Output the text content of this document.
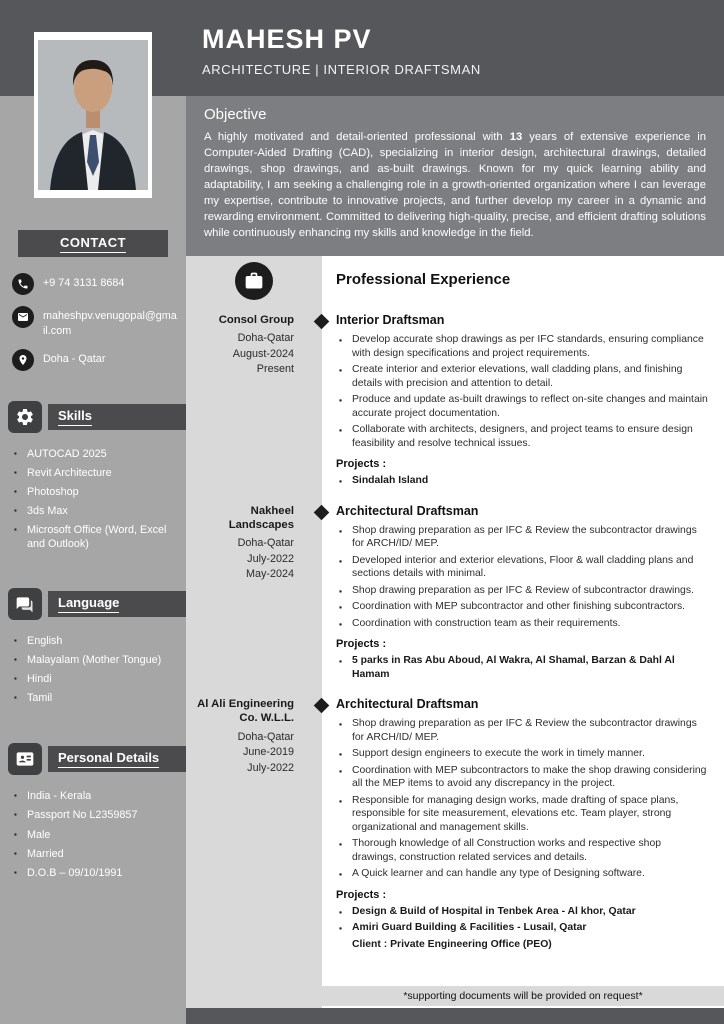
MAHESH PV
ARCHITECTURE | INTERIOR DRAFTSMAN
CONTACT
+9 74 3131 8684
maheshpv.venugopal@gmail.com
Doha - Qatar
Skills
▪ AUTOCAD 2025
▪ Revit Architecture
▪ Photoshop
▪ 3ds Max
▪ Microsoft Office (Word, Excel and Outlook)
Language
▪ English
▪ Malayalam (Mother Tongue)
▪ Hindi
▪ Tamil
Personal Details
▪ India - Kerala
▪ Passport No L2359857
▪ Male
▪ Married
▪ D.O.B – 09/10/1991
Objective
A highly motivated and detail-oriented professional with 13 years of extensive experience in Computer-Aided Drafting (CAD), specializing in interior design, architectural drawings, detailed drawings, shop drawings, and as-built drawings. Known for my quick learning ability and adaptability, I am seeking a challenging role in a growth-oriented organization where I can leverage my expertise, contribute to innovative projects, and further develop my career in a dynamic and rewarding environment. Committed to delivering high-quality, precise, and efficient drafting solutions while continuously enhancing my skills and knowledge in the field.
Professional Experience
Consol Group
Doha-Qatar
August-2024
Present
Interior Draftsman
▪ Develop accurate shop drawings as per IFC standards, ensuring compliance with design specifications and project requirements.
▪ Create interior and exterior elevations, wall cladding plans, and finishing details with precision and attention to detail.
▪ Produce and update as-built drawings to reflect on-site changes and maintain accurate project documentation.
▪ Collaborate with architects, designers, and project teams to ensure design feasibility and resolve technical issues.
Projects :
▪ Sindalah Island
Nakheel Landscapes
Doha-Qatar
July-2022
May-2024
Architectural Draftsman
▪ Shop drawing preparation as per IFC & Review the subcontractor drawings for ARCH/ID/ MEP.
▪ Developed interior and exterior elevations, Floor & wall cladding plans and sections details with minimal.
▪ Shop drawing preparation as per IFC & Review of subcontractor drawings.
▪ Coordination with MEP subcontractor and other finishing subcontractors.
▪ Coordination with construction team as their requirements.
Projects :
▪ 5 parks in Ras Abu Aboud, Al Wakra, Al Shamal, Barzan & Dahl Al Hamam
Al Ali Engineering Co. W.L.L.
Doha-Qatar
June-2019
July-2022
Architectural Draftsman
▪ Shop drawing preparation as per IFC & Review the subcontractor drawings for ARCH/ID/ MEP.
▪ Support design engineers to execute the work in timely manner.
▪ Coordination with MEP subcontractors to make the shop drawing considering all the MEP items to avoid any discrepancy in the project.
▪ Responsible for managing design works, made drafting of space plans, responsible for site measurement, elevations etc. Team player, strong organizational and management skills.
▪ Thorough knowledge of all Construction works and respective shop drawings, construction related services and details.
▪ A Quick learner and can handle any type of Designing software.
Projects :
▪ Design & Build of Hospital in Tenbek Area - Al khor, Qatar
▪ Amiri Guard Building & Facilities - Lusail, Qatar
Client : Private Engineering Office (PEO)
*supporting documents will be provided on request*
